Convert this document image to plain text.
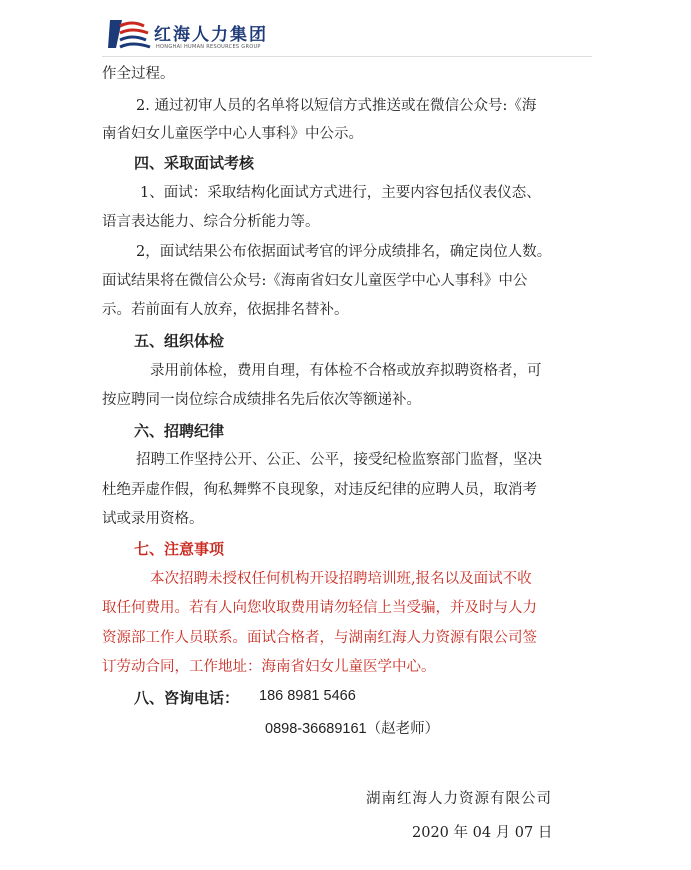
红海人力集团
HONGHAI HUMAN RESOURCES GROUP
作全过程。
2. 通过初审人员的名单将以短信方式推送或在微信公众号:《海
南省妇女儿童医学中心人事科》中公示。
四、采取面试考核
1、面试：采取结构化面试方式进行，主要内容包括仪表仪态、
语言表达能力、综合分析能力等。
2，面试结果公布依据面试考官的评分成绩排名，确定岗位人数。
面试结果将在微信公众号:《海南省妇女儿童医学中心人事科》中公
示。若前面有人放弃，依据排名替补。
五、组织体检
录用前体检，费用自理，有体检不合格或放弃拟聘资格者，可
按应聘同一岗位综合成绩排名先后依次等额递补。
六、招聘纪律
招聘工作坚持公开、公正、公平，接受纪检监察部门监督，坚决
杜绝弄虚作假，徇私舞弊不良现象，对违反纪律的应聘人员，取消考
试或录用资格。
七、注意事项
本次招聘未授权任何机构开设招聘培训班,报名以及面试不收
取任何费用。若有人向您收取费用请勿轻信上当受骗，并及时与人力
资源部工作人员联系。面试合格者，与湖南红海人力资源有限公司签
订劳动合同，工作地址：海南省妇女儿童医学中心。
八、咨询电话： 186 8981 5466
0898-36689161（赵老师）
湖南红海人力资源有限公司
2020 年 04 月 07 日
